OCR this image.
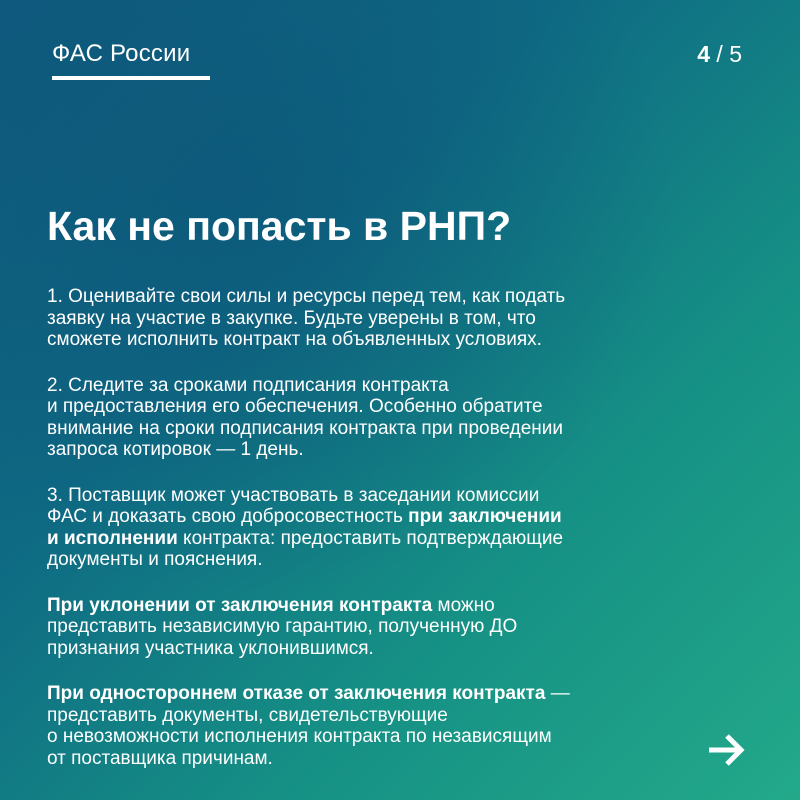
ФАС России	4 / 5
Как не попасть в РНП?

1. Оценивайте свои силы и ресурсы перед тем, как подать
заявку на участие в закупке. Будьте уверены в том, что
сможете исполнить контракт на объявленных условиях.

2. Следите за сроками подписания контракта
и предоставления его обеспечения. Особенно обратите
внимание на сроки подписания контракта при проведении
запроса котировок — 1 день.

3. Поставщик может участвовать в заседании комиссии
ФАС и доказать свою добросовестность при заключении
и исполнении контракта: предоставить подтверждающие
документы и пояснения.

При уклонении от заключения контракта можно
представить независимую гарантию, полученную ДО
признания участника уклонившимся.

При одностороннем отказе от заключения контракта —
представить документы, свидетельствующие
о невозможности исполнения контракта по независящим
от поставщика причинам.
